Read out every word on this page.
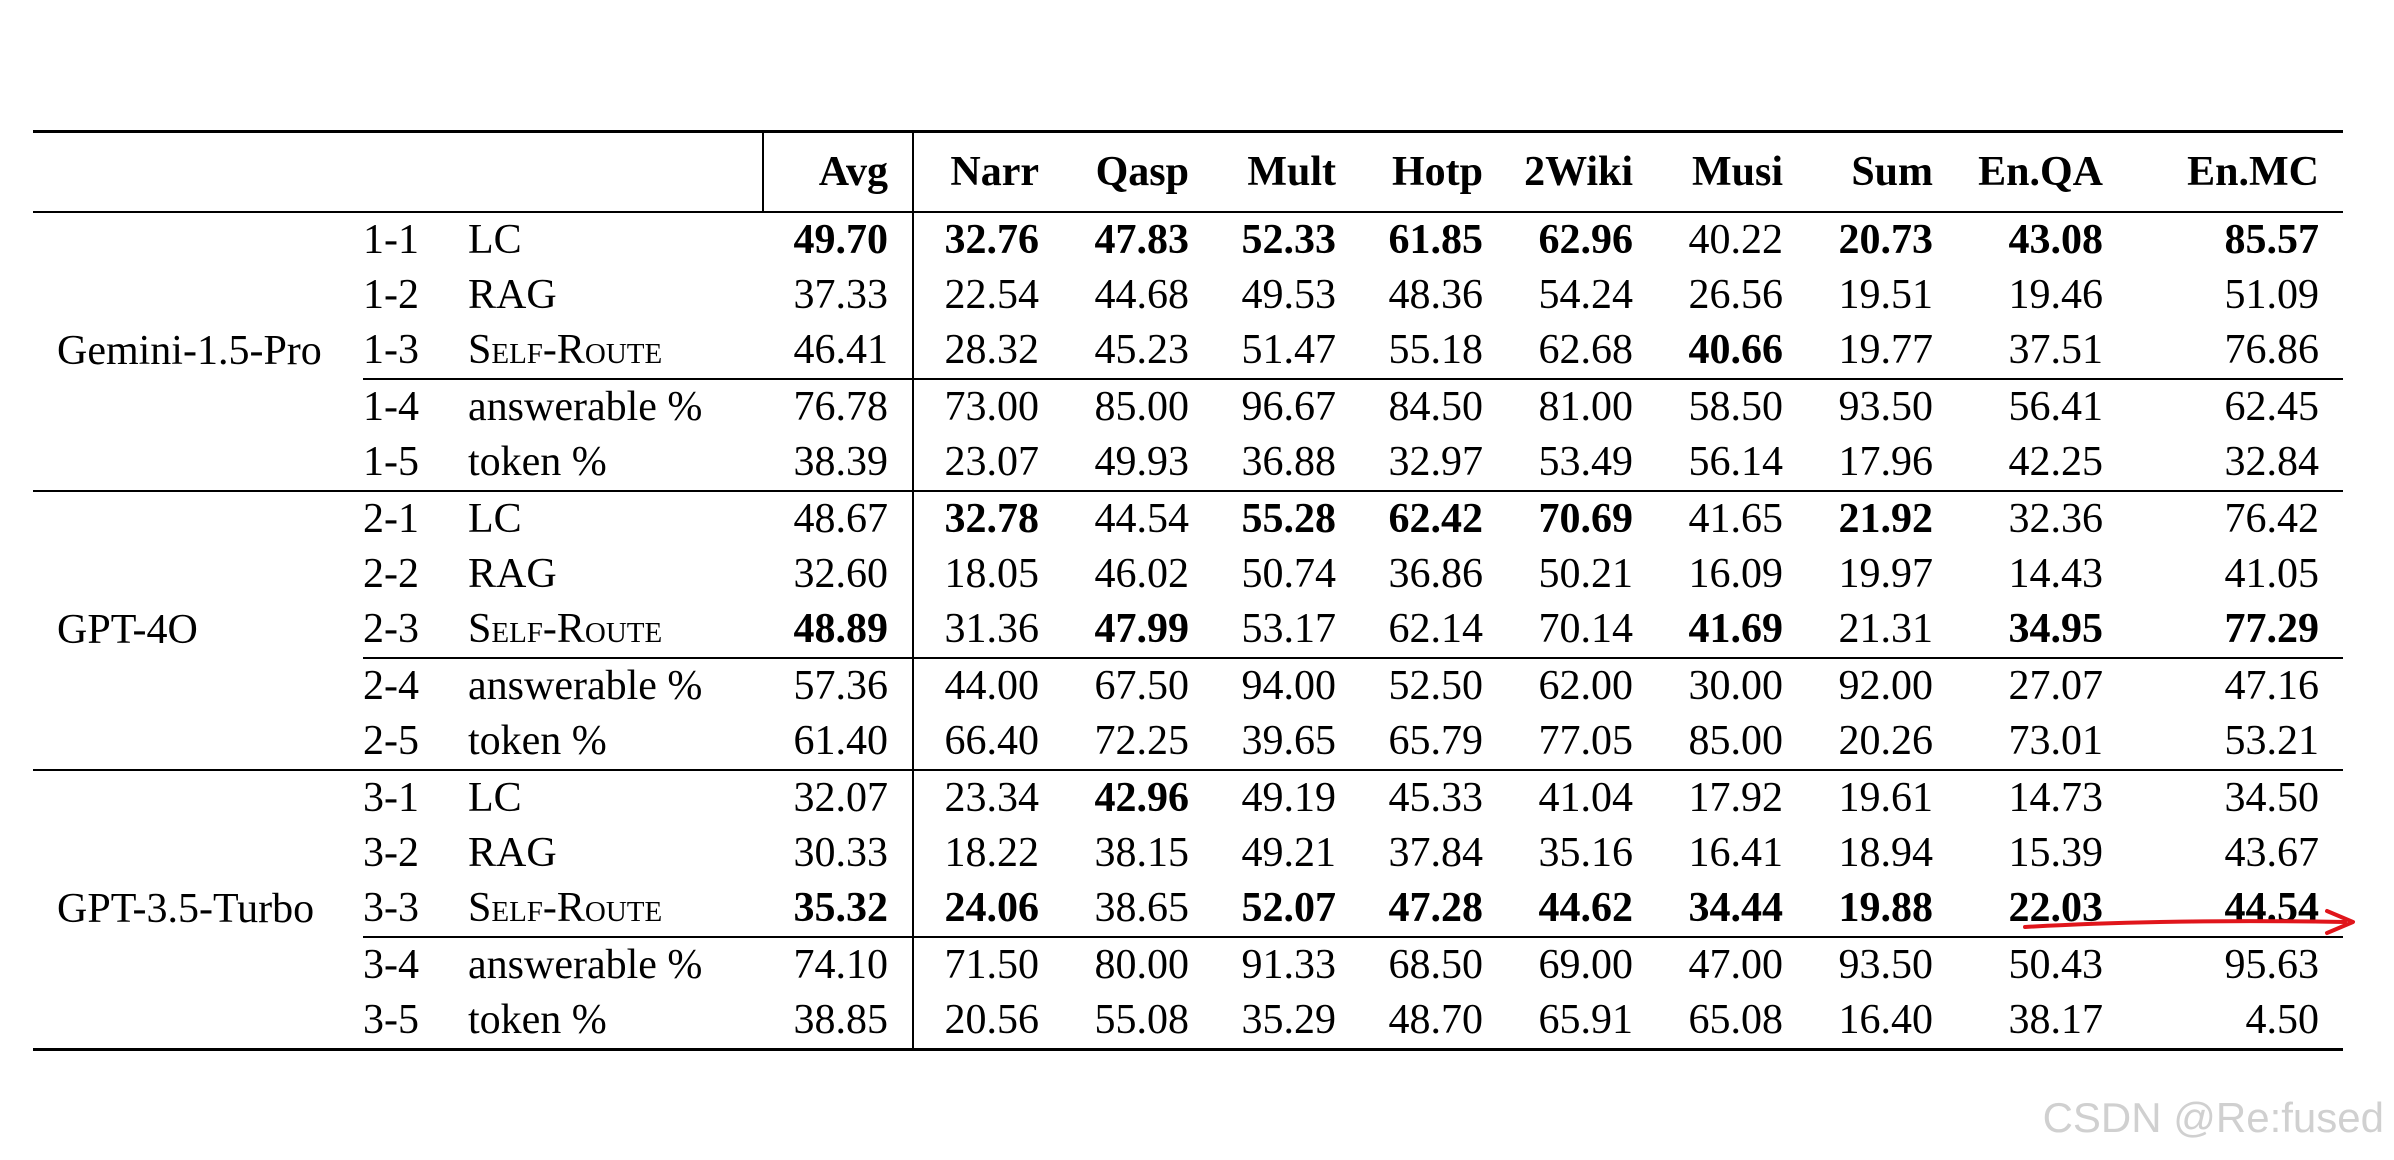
			Avg	Narr	Qasp	Mult	Hotp	2Wiki	Musi	Sum	En.QA	En.MC
Gemini-1.5-Pro	1-1	LC	49.70	32.76	47.83	52.33	61.85	62.96	40.22	20.73	43.08	85.57
	1-2	RAG	37.33	22.54	44.68	49.53	48.36	54.24	26.56	19.51	19.46	51.09
	1-3	Self-Route	46.41	28.32	45.23	51.47	55.18	62.68	40.66	19.77	37.51	76.86
	1-4	answerable %	76.78	73.00	85.00	96.67	84.50	81.00	58.50	93.50	56.41	62.45
	1-5	token %	38.39	23.07	49.93	36.88	32.97	53.49	56.14	17.96	42.25	32.84
GPT-4O	2-1	LC	48.67	32.78	44.54	55.28	62.42	70.69	41.65	21.92	32.36	76.42
	2-2	RAG	32.60	18.05	46.02	50.74	36.86	50.21	16.09	19.97	14.43	41.05
	2-3	Self-Route	48.89	31.36	47.99	53.17	62.14	70.14	41.69	21.31	34.95	77.29
	2-4	answerable %	57.36	44.00	67.50	94.00	52.50	62.00	30.00	92.00	27.07	47.16
	2-5	token %	61.40	66.40	72.25	39.65	65.79	77.05	85.00	20.26	73.01	53.21
GPT-3.5-Turbo	3-1	LC	32.07	23.34	42.96	49.19	45.33	41.04	17.92	19.61	14.73	34.50
	3-2	RAG	30.33	18.22	38.15	49.21	37.84	35.16	16.41	18.94	15.39	43.67
	3-3	Self-Route	35.32	24.06	38.65	52.07	47.28	44.62	34.44	19.88	22.03	44.54
	3-4	answerable %	74.10	71.50	80.00	91.33	68.50	69.00	47.00	93.50	50.43	95.63
	3-5	token %	38.85	20.56	55.08	35.29	48.70	65.91	65.08	16.40	38.17	4.50
CSDN @Re:fused
